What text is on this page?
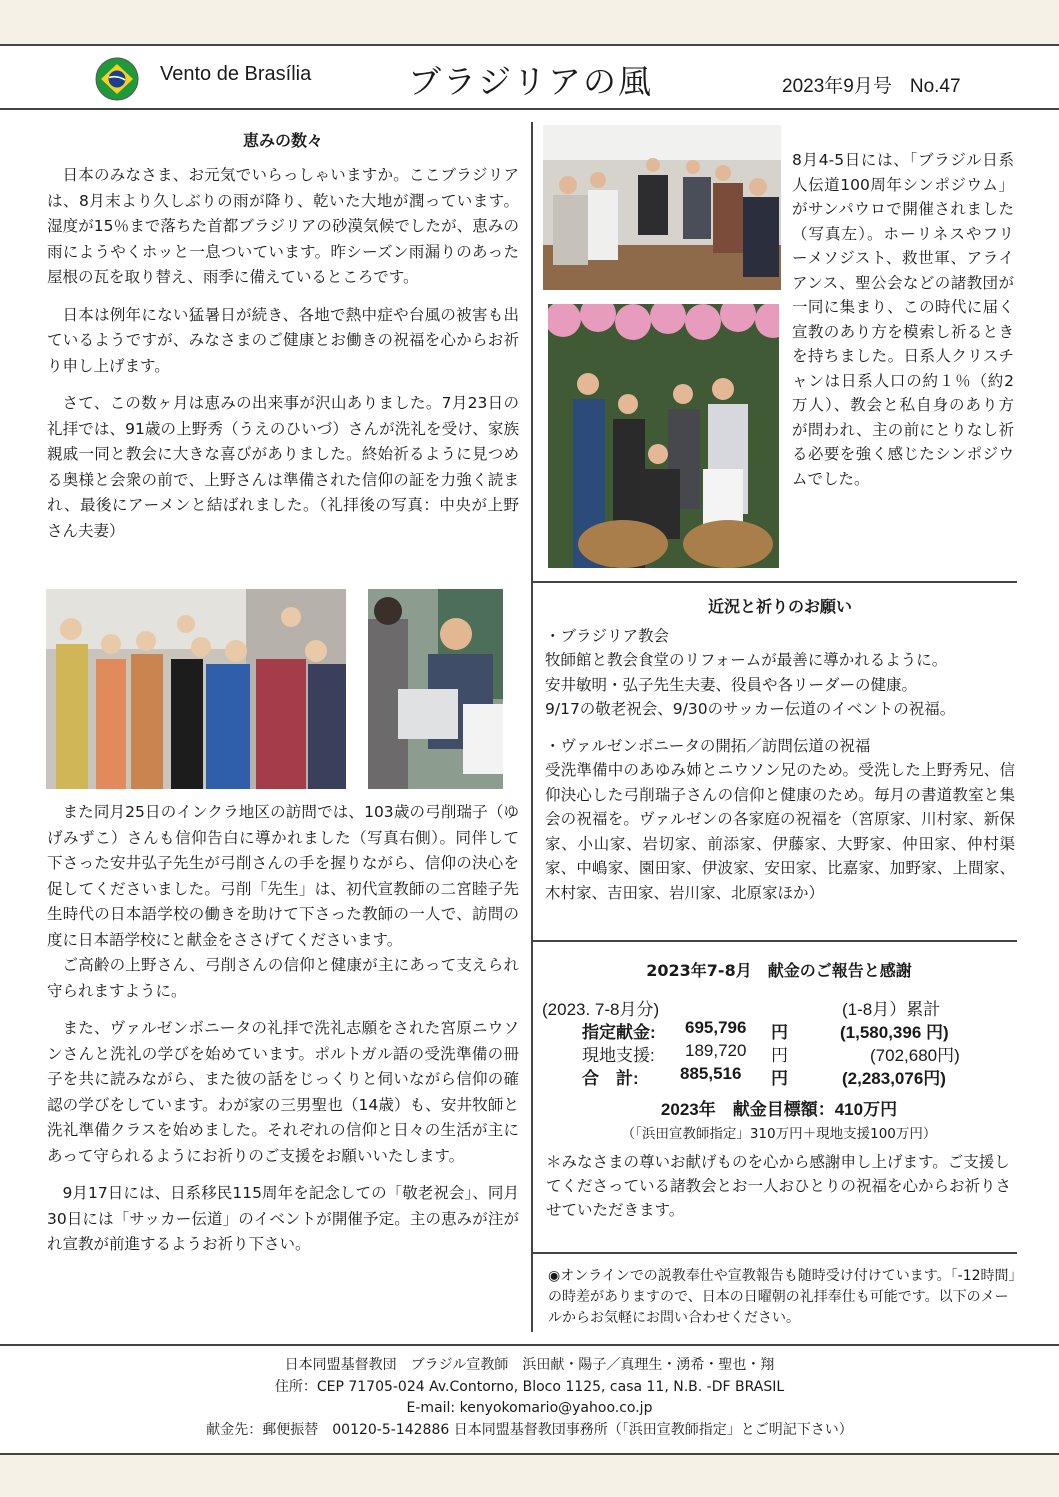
Vento de Brasília	ブラジリアの風	2023年9月号 No.47
恵みの数々

日本のみなさま、お元気でいらっしゃいますか。ここブラジリアは、8月末より久しぶりの雨が降り、乾いた大地が潤っています。湿度が15％まで落ちた首都ブラジリアの砂漠気候でしたが、恵みの雨にようやくホッと一息ついています。昨シーズン雨漏りのあった屋根の瓦を取り替え、雨季に備えているところです。

日本は例年にない猛暑日が続き、各地で熱中症や台風の被害も出ているようですが、みなさまのご健康とお働きの祝福を心からお祈り申し上げます。

さて、この数ヶ月は恵みの出来事が沢山ありました。7月23日の礼拝では、91歳の上野秀（うえのひいづ）さんが洗礼を受け、家族親戚一同と教会に大きな喜びがありました。終始祈るように見つめる奥様と会衆の前で、上野さんは準備された信仰の証を力強く読まれ、最後にアーメンと結ばれました。（礼拝後の写真：中央が上野さん夫妻）

また同月25日のインクラ地区の訪問では、103歳の弓削瑞子（ゆげみずこ）さんも信仰告白に導かれました（写真右側）。同伴して下さった安井弘子先生が弓削さんの手を握りながら、信仰の決心を促してくださいました。弓削「先生」は、初代宣教師の二宮睦子先生時代の日本語学校の働きを助けて下さった教師の一人で、訪問の度に日本語学校にと献金をささげてくださいます。

ご高齢の上野さん、弓削さんの信仰と健康が主にあって支えられ守られますように。

また、ヴァルゼンボニータの礼拝で洗礼志願をされた宮原ニウソンさんと洗礼の学びを始めています。ポルトガル語の受洗準備の冊子を共に読みながら、また彼の話をじっくりと伺いながら信仰の確認の学びをしています。わが家の三男聖也（14歳）も、安井牧師と洗礼準備クラスを始めました。それぞれの信仰と日々の生活が主にあって守られるようにお祈りのご支援をお願いいたします。

9月17日には、日系移民115周年を記念しての「敬老祝会」、同月30日には「サッカー伝道」のイベントが開催予定。主の恵みが注がれ宣教が前進するようお祈り下さい。

8月4-5日には、「ブラジル日系人伝道100周年シンポジウム」がサンパウロで開催されました（写真左）。ホーリネスやフリーメソジスト、救世軍、アライアンス、聖公会などの諸教団が一同に集まり、この時代に届く宣教のあり方を模索し祈るときを持ちました。日系人クリスチャンは日系人口の約１％（約2万人）、教会と私自身のあり方が問われ、主の前にとりなし祈る必要を強く感じたシンポジウムでした。
近況と祈りのお願い
・ブラジリア教会
牧師館と教会食堂のリフォームが最善に導かれるように。
安井敏明・弘子先生夫妻、役員や各リーダーの健康。
9/17の敬老祝会、9/30のサッカー伝道のイベントの祝福。
・ヴァルゼンボニータの開拓／訪問伝道の祝福
受洗準備中のあゆみ姉とニウソン兄のため。受洗した上野秀兄、信仰決心した弓削瑞子さんの信仰と健康のため。毎月の書道教室と集会の祝福を。ヴァルゼンの各家庭の祝福を（宮原家、川村家、新保家、小山家、岩切家、前添家、伊藤家、大野家、仲田家、仲村渠家、中嶋家、園田家、伊波家、安田家、比嘉家、加野家、上間家、木村家、吉田家、岩川家、北原家ほか）
2023年7-8月　献金のご報告と感謝
(2023. 7-8月分)	(1-8月）累計
指定献金: 695,796 円	(1,580,396 円)
現地支援: 189,720 円	(702,680円)
合　計: 885,516 円	(2,283,076円)
2023年　献金目標額：410万円
（「浜田宣教師指定」310万円＋現地支援100万円）
＊みなさまの尊いお献げものを心から感謝申し上げます。ご支援してくださっている諸教会とお一人おひとりの祝福を心からお祈りさせていただきます。
◉オンラインでの説教奉仕や宣教報告も随時受け付けています。「-12時間」の時差がありますので、日本の日曜朝の礼拝奉仕も可能です。以下のメールからお気軽にお問い合わせください。
日本同盟基督教団　ブラジル宣教師　浜田献・陽子／真理生・湧希・聖也・翔
住所：CEP 71705-024 Av.Contorno, Bloco 1125, casa 11, N.B. -DF BRASIL
E-mail: kenyokomario@yahoo.co.jp
献金先：郵便振替　00120-5-142886 日本同盟基督教団事務所（「浜田宣教師指定」とご明記下さい）
